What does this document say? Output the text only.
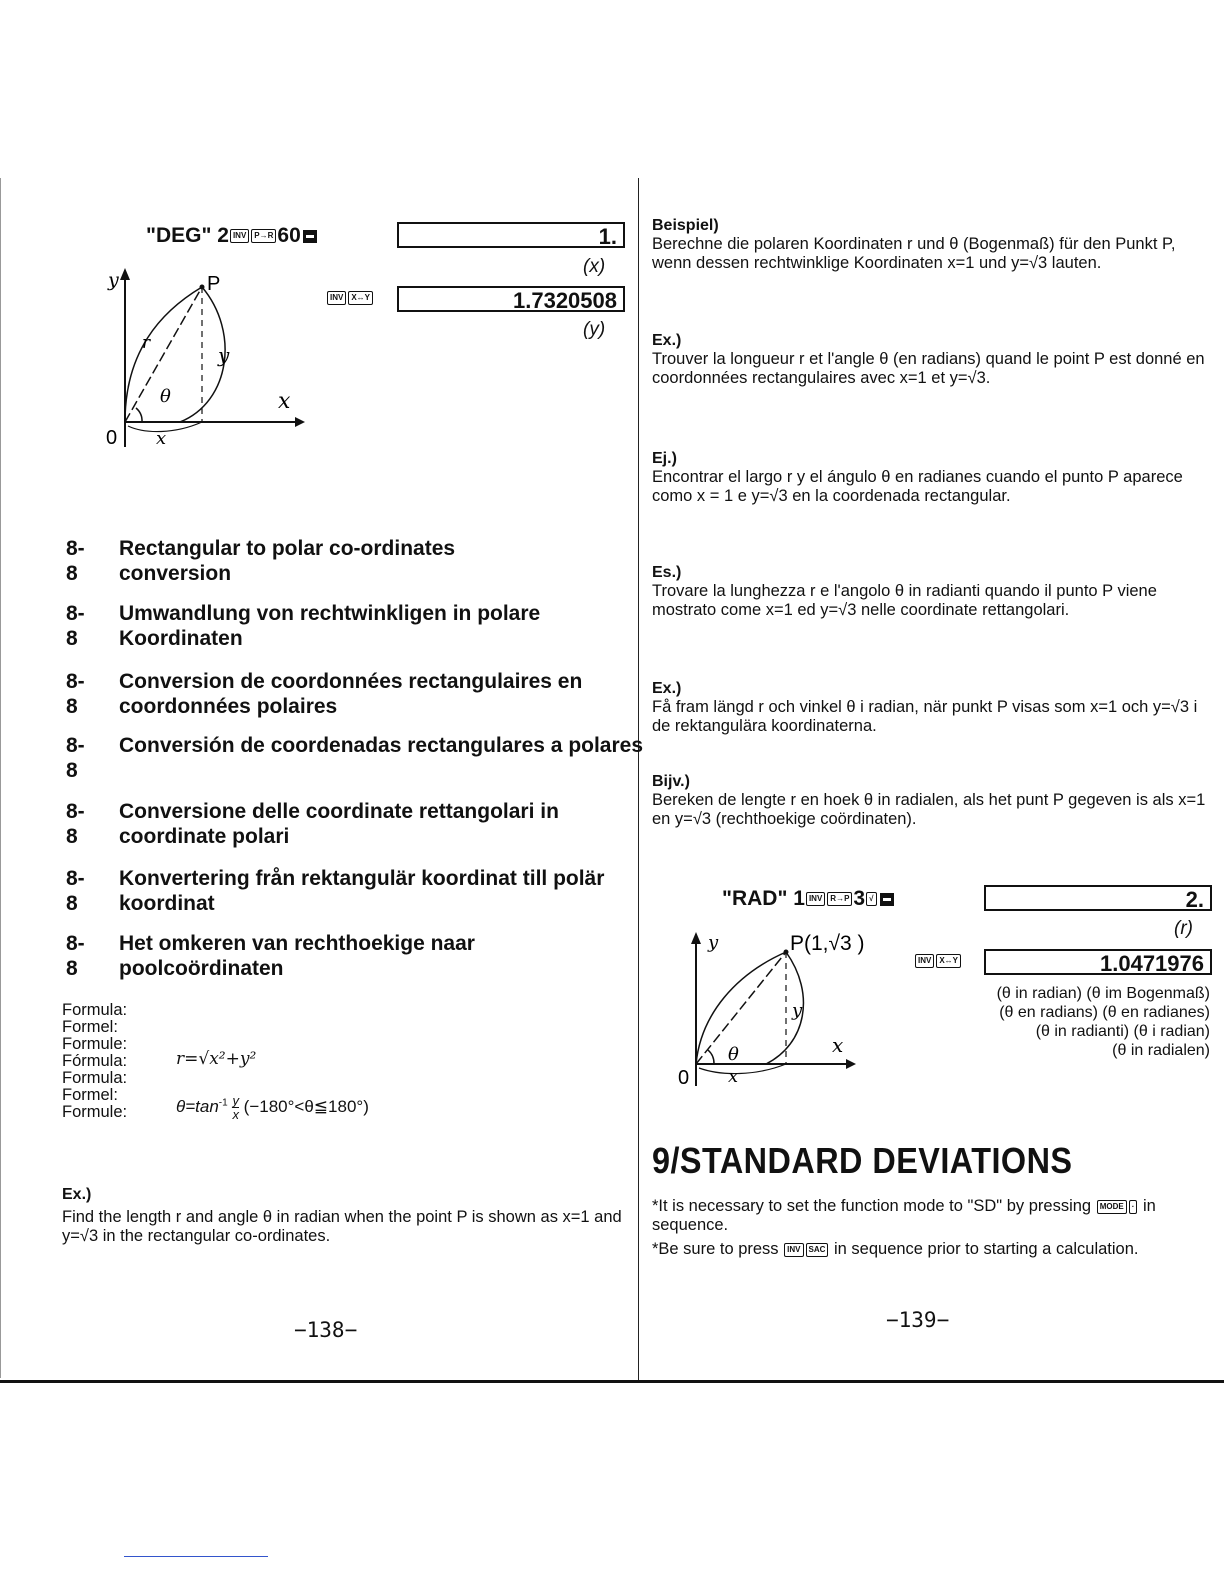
"DEG" 2 INV P→R 60	1.
(x)
INV X↔Y	1.7320508
(y)
y
x
P
r
θ
y
x
0
8-8
Rectangular to polar co-ordinates conversion
8-8
Umwandlung von rechtwinkligen in polare Koordinaten
8-8
Conversion de coordonnées rectangulaires en coordonnées polaires
8-8
Conversión de coordenadas rectangulares a polares
8-8
Conversione delle coordinate rettangolari in coordinate polari
8-8
Konvertering från rektangulär koordinat till polär koordinat
8-8
Het omkeren van rechthoekige naar poolcoördinaten
Formula:
Formel:
Formule:
Fórmula:
Formula:
Formel:
Formule:
r=√x²+y²
$\theta=\tan^{-1} \frac{y}{x}$ (−180°<θ≦180°)
Ex.)
Find the length r and angle θ in radian when the point P is shown as x=1 and y=√3 in the rectangular co-ordinates.
−138−
Beispiel)
Berechne die polaren Koordinaten r und θ (Bogenmaß) für den Punkt P, wenn dessen rechtwinklige Koordinaten x=1 und y=√3 lauten.
Ex.)
Trouver la longueur r et l'angle θ (en radians) quand le point P est donné en coordonnées rectangulaires avec x=1 et y=√3.
Ej.)
Encontrar el largo r y el ángulo θ en radianes cuando el punto P aparece como x = 1 e y=√3 en la coordenada rectangular.
Es.)
Trovare la lunghezza r e l'angolo θ in radianti quando il punto P viene mostrato come x=1 ed y=√3 nelle coordinate rettangolari.
Ex.)
Få fram längd r och vinkel θ i radian, när punkt P visas som x=1 och y=√3 i de rektangulära koordinaterna.
Bijv.)
Bereken de lengte r en hoek θ in radialen, als het punt P gegeven is als x=1 en y=√3 (rechthoekige coördinaten).
"RAD" 1 INV R→P 3 √	2.
(r)
INV X↔Y	1.0471976
(θ in radian) (θ im Bogenmaß)
(θ en radians) (θ en radianes)
(θ in radianti) (θ i radian)
(θ in radialen)
y
x
P(1,√3 )
θ
y
x
0
9/STANDARD DEVIATIONS
*It is necessary to set the function mode to "SD" by pressing MODE · in sequence.
*Be sure to press INV SAC in sequence prior to starting a calculation.
−139−
